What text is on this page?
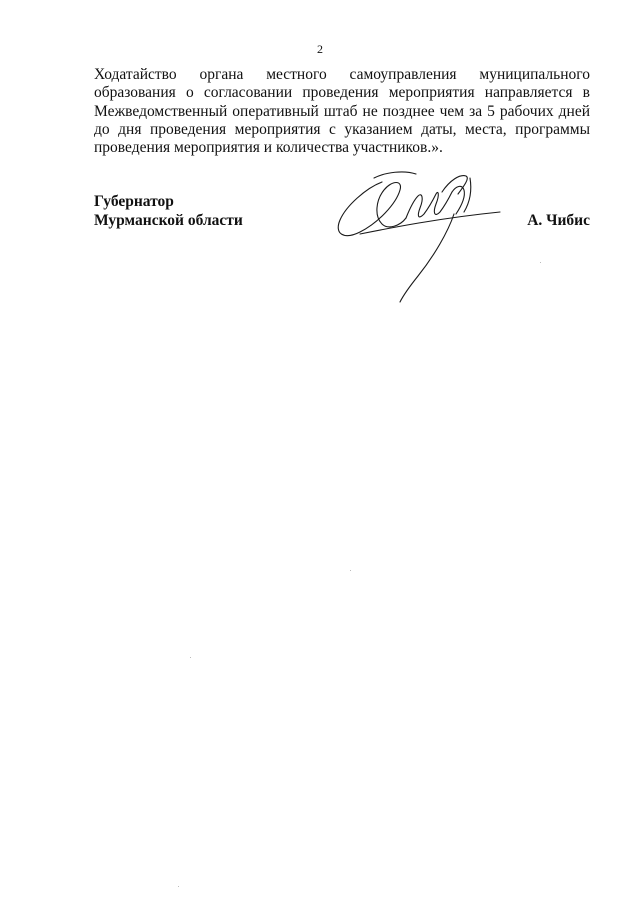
2

Ходатайство органа местного самоуправления муниципального образования о согласовании проведения мероприятия направляется в Межведомственный оперативный штаб не позднее чем за 5 рабочих дней до дня проведения мероприятия с указанием даты, места, программы проведения мероприятия и количества участников.».

Губернатор
Мурманской области	А. Чибис
